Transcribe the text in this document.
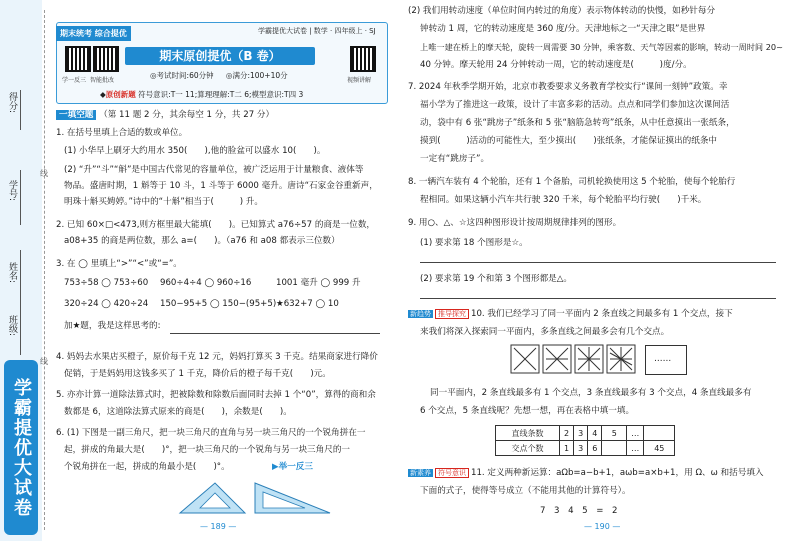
得分:
学号:
姓名:
班级:
线
线
学霸提优大试卷
期末统考 综合提优	学霸提优大试卷 | 数学 · 四年级上 · SJ
期末原创提优（B 卷）
◎考试时间:60分钟 　 ◎满分:100+10分
学一反三 智能批改	视频讲解
◆原创新题 符号意识:T一 11;算理理解:T二 6;模型意识:T四 3
一填空题 （第 11 题 2 分，其余每空 1 分，共 27 分）
1. 在括号里填上合适的数或单位。
(1) 小华早上刷牙大约用水 350(　　),他的脸盆可以盛水 10(　　)。
(2) “升”“斗”“斛”是中国古代常见的容量单位，被广泛运用于计量粮食、液体等
物品。盛唐时期，1 斛等于 10 斗，1 斗等于 6000 毫升。唐诗“石家金谷重新声，
明珠十斛买娉婷。”诗中的“十斛”相当于(　　　) 升。
2. 已知 60×□<473,则方框里最大能填(　　)。已知算式 a76÷57 的商是一位数，
a08+35 的商是两位数，那么 a=(　　)。（a76 和 a08 都表示三位数）
3. 在 ◯ 里填上“>”“<”或“=”。
753÷58 ◯ 753÷60 960÷4÷4 ◯ 960÷16	1001 毫升 ◯ 999 升
320÷24 ◯ 420÷24 150−95+5 ◯ 150−(95+5) ★632+7 ◯ 10
加★题，我是这样思考的:
4. 妈妈去水果店买橙子，原价每千克 12 元，妈妈打算买 3 千克。结果商家进行降价
促销，于是妈妈用这钱多买了 1 千克，降价后的橙子每千克(　　)元。
5. 亦亦计算一道除法算式时，把被除数和除数后面同时去掉 1 个“0”，算得的商和余
数都是 6，这道除法算式原来的商是(　　)，余数是(　　)。
6. (1) 下图是一副三角尺，把一块三角尺的直角与另一块三角尺的一个锐角拼在一
起，拼成的角最大是(　　)°，把一块三角尺的一个锐角与另一块三角尺的一
个锐角拼在一起，拼成的角最小是(　　)°。	▶举一反三
— 189 —
(2) 我们用转动速度（单位时间内转过的角度）表示物体转动的快慢，如秒针每分
钟转动 1 周，它的转动速度是 360 度/分。天津地标之一“天津之眼”是世界
上唯一建在桥上的摩天轮，旋转一周需要 30 分钟，乘客数、天气等因素的影响，转动一周时间 20~
40 分钟。摩天轮用 24 分钟转动一周，它的转动速度是(　　　)度/分。
7. 2024 年秋季学期开始，北京市教委要求义务教育学校实行“课间一刻钟”政策。幸
福小学为了推进这一政策，设计了丰富多彩的活动。点点和同学们参加这次课间活
动，袋中有 6 张“跳房子”纸条和 5 张“脑筋急转弯”纸条，从中任意摸出一张纸条，
摸到(　　　)活动的可能性大，至少摸出(　　)张纸条，才能保证摸出的纸条中
一定有“跳房子”。
8. 一辆汽车装有 4 个轮胎，还有 1 个备胎，司机轮换使用这 5 个轮胎，使每个轮胎行
程相同。如果这辆小汽车共行驶 320 千米，每个轮胎平均行驶(　　)千米。
9. 用○、△、☆这四种图形设计按周期规律排列的图形。
(1) 要求第 18 个图形是☆。
(2) 要求第 19 个和第 3 个图形都是△。
新趋势 推导探究 10. 我们已经学习了同一平面内 2 条直线之间最多有 1 个交点，接下
来我们将深入探索同一平面内，多条直线之间最多会有几个交点。
……
同一平面内，2 条直线最多有 1 个交点，3 条直线最多有 3 个交点，4 条直线最多有
6 个交点，5 条直线呢？先想一想，再在表格中填一填。
直线条数	2	3	4	5	…	
交点个数	1	3	6		…	45
新素养 符号意识 11. 定义两种新运算：aΩb=a−b+1，a⍵b=a×b+1，用 Ω、⍵ 和括号填入
下面的式子，使得等号成立（不能用其他的计算符号）。
7　3　4　5　=　2
— 190 —
